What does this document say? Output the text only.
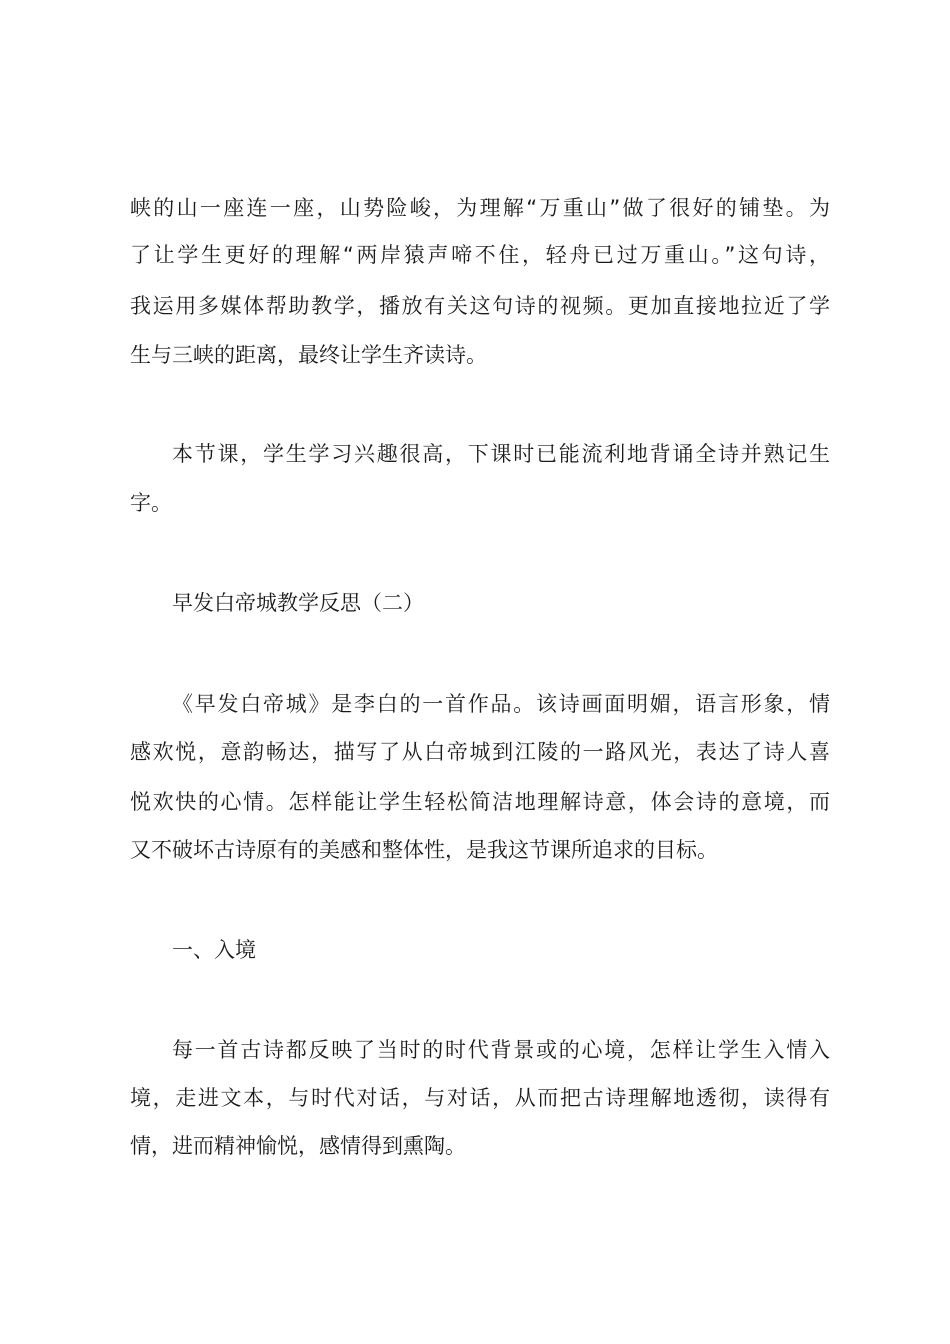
峡的山一座连一座，山势险峻，为理解“万重山”做了很好的铺垫。为
了让学生更好的理解“两岸猿声啼不住，轻舟已过万重山。”这句诗，
我运用多媒体帮助教学，播放有关这句诗的视频。更加直接地拉近了学
生与三峡的距离，最终让学生齐读诗。
本节课，学生学习兴趣很高，下课时已能流利地背诵全诗并熟记生
字。
早发白帝城教学反思（二）
《早发白帝城》是李白的一首作品。该诗画面明媚，语言形象，情
感欢悦，意韵畅达，描写了从白帝城到江陵的一路风光，表达了诗人喜
悦欢快的心情。怎样能让学生轻松简洁地理解诗意，体会诗的意境，而
又不破坏古诗原有的美感和整体性，是我这节课所追求的目标。
一、入境
每一首古诗都反映了当时的时代背景或的心境，怎样让学生入情入
境，走进文本，与时代对话，与对话，从而把古诗理解地透彻，读得有
情，进而精神愉悦，感情得到熏陶。
